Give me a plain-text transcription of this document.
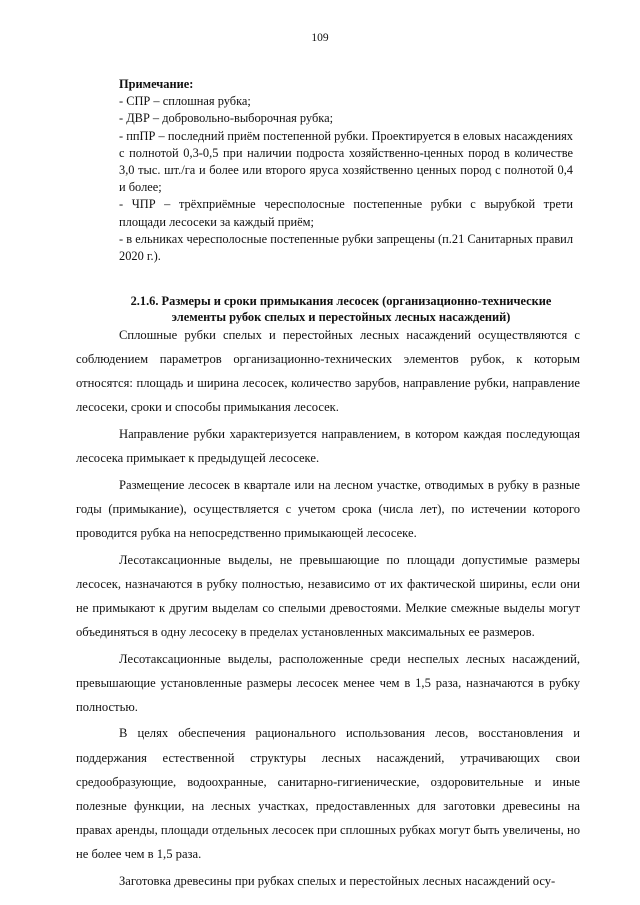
109

Примечание:

- СПР – сплошная рубка;

- ДВР – добровольно-выборочная рубка;

- ппПР – последний приём постепенной рубки. Проектируется в еловых насаждениях с полнотой 0,3-0,5 при наличии подроста хозяйственно-ценных пород в количестве 3,0 тыс. шт./га и более или второго яруса хозяйственно ценных пород с полнотой 0,4 и более;

- ЧПР – трёхприёмные чересполосные постепенные рубки с вырубкой трети площади лесосеки за каждый приём;

- в ельниках чересполосные постепенные рубки запрещены (п.21 Санитарных правил 2020 г.).

2.1.6. Размеры и сроки примыкания лесосек (организационно-технические элементы рубок спелых и перестойных лесных насаждений)

Сплошные рубки спелых и перестойных лесных насаждений осуществляются с соблюдением параметров организационно-технических элементов рубок, к которым относятся: площадь и ширина лесосек, количество зарубов, направление рубки, направление лесосеки, сроки и способы примыкания лесосек.

Направление рубки характеризуется направлением, в котором каждая последующая лесосека примыкает к предыдущей лесосеке.

Размещение лесосек в квартале или на лесном участке, отводимых в рубку в разные годы (примыкание), осуществляется с учетом срока (числа лет), по истечении которого проводится рубка на непосредственно примыкающей лесосеке.

Лесотаксационные выделы, не превышающие по площади допустимые размеры лесосек, назначаются в рубку полностью, независимо от их фактической ширины, если они не примыкают к другим выделам со спелыми древостоями. Мелкие смежные выделы могут объединяться в одну лесосеку в пределах установленных максимальных ее размеров.

Лесотаксационные выделы, расположенные среди неспелых лесных насаждений, превышающие установленные размеры лесосек менее чем в 1,5 раза, назначаются в рубку полностью.

В целях обеспечения рационального использования лесов, восстановления и поддержания естественной структуры лесных насаждений, утрачивающих свои средообразующие, водоохранные, санитарно-гигиенические, оздоровительные и иные полезные функции, на лесных участках, предоставленных для заготовки древесины на правах аренды, площади отдельных лесосек при сплошных рубках могут быть увеличены, но не более чем в 1,5 раза.

Заготовка древесины при рубках спелых и перестойных лесных насаждений осу-
